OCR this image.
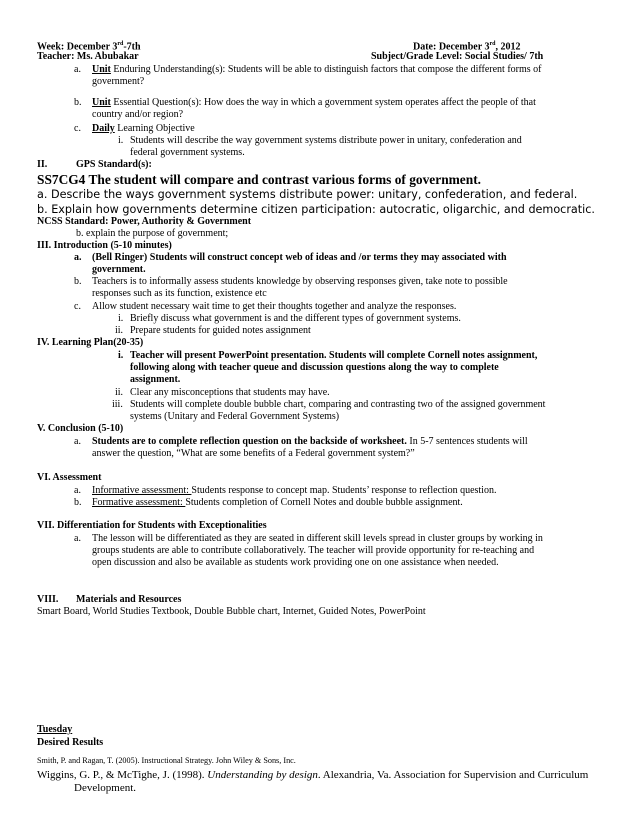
Week: December 3rd-7th	Date: December 3rd, 2012
Teacher: Ms. Abubakar	Subject/Grade Level: Social Studies/ 7th
a. Unit Enduring Understanding(s): Students will be able to distinguish factors that compose the different forms of
government?
b. Unit Essential Question(s): How does the way in which a government system operates affect the people of that
country and/or region?
c. Daily Learning Objective
i. Students will describe the way government systems distribute power in unitary, confederation and
federal government systems.
II.	GPS Standard(s):
SS7CG4 The student will compare and contrast various forms of government.
a. Describe the ways government systems distribute power: unitary, confederation, and federal.
b. Explain how governments determine citizen participation: autocratic, oligarchic, and democratic.
NCSS Standard: Power, Authority & Government
b. explain the purpose of government;
III. Introduction (5-10 minutes)
a. (Bell Ringer) Students will construct concept web of ideas and /or terms they may associated with
government.
b. Teachers is to informally assess students knowledge by observing responses given, take note to possible
responses such as its function, existence etc
c. Allow student necessary wait time to get their thoughts together and analyze the responses.
i. Briefly discuss what government is and the different types of government systems.
ii. Prepare students for guided notes assignment
IV. Learning Plan(20-35)
i. Teacher will present PowerPoint presentation. Students will complete Cornell notes assignment,
following along with teacher queue and discussion questions along the way to complete
assignment.
ii. Clear any misconceptions that students may have.
iii. Students will complete double bubble chart, comparing and contrasting two of the assigned government
systems (Unitary and Federal Government Systems)
V. Conclusion (5-10)
a. Students are to complete reflection question on the backside of worksheet. In 5-7 sentences students will
answer the question, “What are some benefits of a Federal government system?”
VI. Assessment
a. Informative assessment: Students response to concept map. Students’ response to reflection question.
b. Formative assessment: Students completion of Cornell Notes and double bubble assignment.
VII. Differentiation for Students with Exceptionalities
a. The lesson will be differentiated as they are seated in different skill levels spread in cluster groups by working in
groups students are able to contribute collaboratively. The teacher will provide opportunity for re-teaching and
open discussion and also be available as students work providing one on one assistance when needed.
VIII. Materials and Resources
Smart Board, World Studies Textbook, Double Bubble chart, Internet, Guided Notes, PowerPoint
Tuesday
Desired Results
Smith, P. and Ragan, T. (2005). Instructional Strategy. John Wiley & Sons, Inc.
Wiggins, G. P., & McTighe, J. (1998). Understanding by design. Alexandria, Va. Association for Supervision and Curriculum
Development.
